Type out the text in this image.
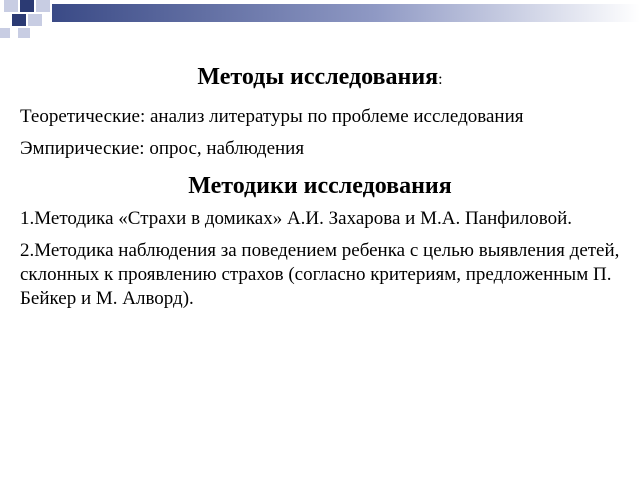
Методы исследования:

Теоретические: анализ литературы по проблеме исследования

Эмпирические: опрос, наблюдения

Методики исследования

1.Методика «Страхи в домиках» А.И. Захарова и М.А. Панфиловой.

2.Методика наблюдения за поведением ребенка с целью выявления детей, склонных к проявлению страхов (согласно критериям, предложенным П. Бейкер и М. Алворд).
